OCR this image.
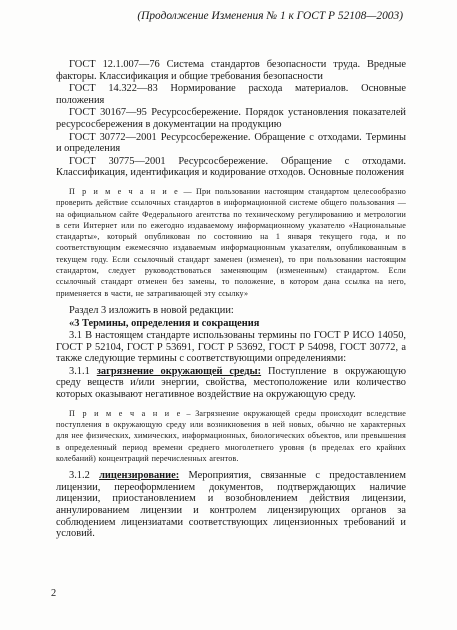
(Продолжение Изменения № 1 к ГОСТ Р 52108—2003)

ГОСТ 12.1.007—76 Система стандартов безопасности труда. Вредные факторы. Классификация и общие требования безопасности

ГОСТ 14.322—83 Нормирование расхода материалов. Основные положения

ГОСТ 30167—95 Ресурсосбережение. Порядок установления показателей ресурсосбережения в документации на продукцию

ГОСТ 30772—2001 Ресурсосбережение. Обращение с отходами. Термины и определения

ГОСТ 30775—2001 Ресурсосбережение. Обращение с отходами. Классификация, идентификация и кодирование отходов. Основные положения

П р и м е ч а н и е — При пользовании настоящим стандартом целесообразно проверить действие ссылочных стандартов в информационной системе общего пользования — на официальном сайте Федерального агентства по техническому регулированию и метрологии в сети Интернет или по ежегодно издаваемому информационному указателю «Национальные стандарты», который опубликован по состоянию на 1 января текущего года, и по соответствующим ежемесячно издаваемым информационным указателям, опубликованным в текущем году. Если ссылочный стандарт заменен (изменен), то при пользовании настоящим стандартом, следует руководствоваться заменяющим (измененным) стандартом. Если ссылочный стандарт отменен без замены, то положение, в котором дана ссылка на него, применяется в части, не затрагивающей эту ссылку»

Раздел 3 изложить в новой редакции:

«3 Термины, определения и сокращения

3.1 В настоящем стандарте использованы термины по ГОСТ Р ИСО 14050, ГОСТ Р 52104, ГОСТ Р 53691, ГОСТ Р 53692, ГОСТ Р 54098, ГОСТ 30772, а также следующие термины с соответствующими определениями:

3.1.1 загрязнение окружающей среды: Поступление в окружающую среду веществ и/или энергии, свойства, местоположение или количество которых оказывают негативное воздействие на окружающую среду.

П р и м е ч а н и е – Загрязнение окружающей среды происходит вследствие поступления в окружающую среду или возникновения в ней новых, обычно не характерных для нее физических, химических, информационных, биологических объектов, или превышения в определенный период времени среднего многолетнего уровня (в пределах его крайних колебаний) концентраций перечисленных агентов.

3.1.2 лицензирование: Мероприятия, связанные с предоставлением лицензии, переоформлением документов, подтверждающих наличие лицензии, приостановлением и возобновлением действия лицензии, аннулированием лицензии и контролем лицензирующих органов за соблюдением лицензиатами соответствующих лицензионных требований и условий.

2
